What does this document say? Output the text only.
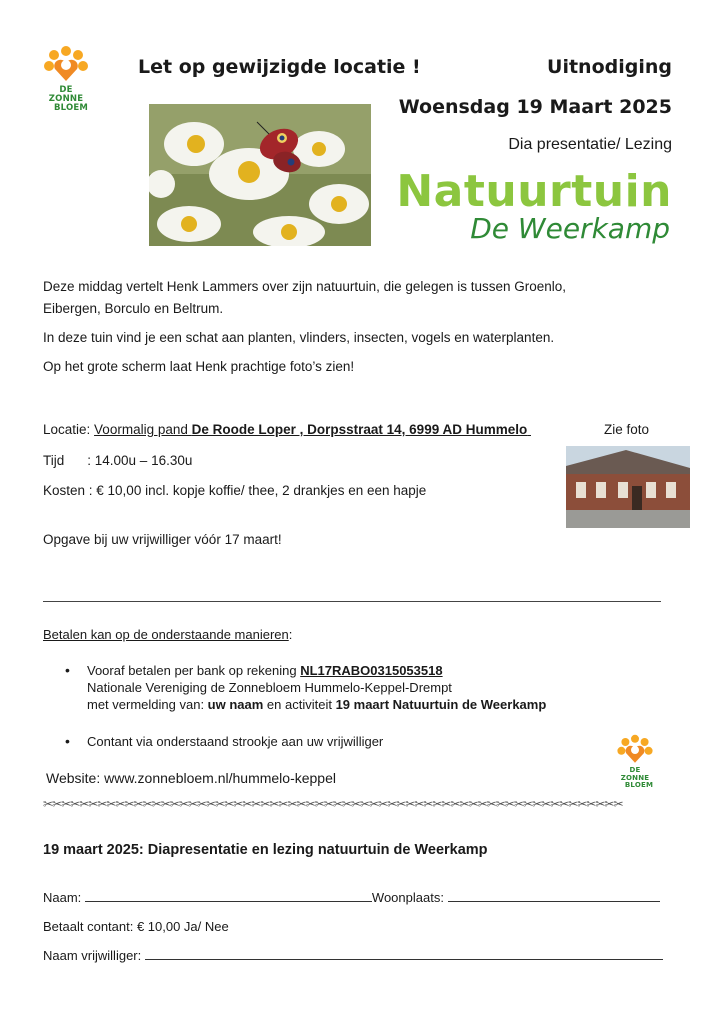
DE
ZONNE
BLOEM
Let op gewijzigde locatie !	Uitnodiging
Woensdag 19 Maart 2025
Dia presentatie/ Lezing
Natuurtuin
De Weerkamp
Deze middag vertelt Henk Lammers over zijn natuurtuin, die gelegen is tussen Groenlo,
Eibergen, Borculo en Beltrum.
In deze tuin vind je een schat aan planten, vlinders, insecten, vogels en waterplanten.
Op het grote scherm laat Henk prachtige foto’s zien!
Locatie: Voormalig pand De Roode Loper , Dorpsstraat 14, 6999 AD Hummelo	Zie foto
Tijd : 14.00u – 16.30u
Kosten : € 10,00 incl. kopje koffie/ thee, 2 drankjes en een hapje
Opgave bij uw vrijwilliger vóór 17 maart!
Betalen kan op de onderstaande manieren:
• Vooraf betalen per bank op rekening NL17RABO0315053518
Nationale Vereniging de Zonnebloem Hummelo-Keppel-Drempt
met vermelding van: uw naam en activiteit 19 maart Natuurtuin de Weerkamp
• Contant via onderstaand strookje aan uw vrijwilliger
DE
ZONNE
BLOEM
Website: www.zonnebloem.nl/hummelo-keppel
✂✂✂✂✂✂✂✂✂✂✂✂✂✂✂✂✂✂✂✂✂✂✂✂✂✂✂✂✂✂✂✂✂✂✂✂✂✂✂✂✂✂✂✂✂✂✂✂✂✂✂✂✂✂✂✂✂✂✂✂✂✂✂✂
19 maart 2025: Diapresentatie en lezing natuurtuin de Weerkamp
Naam:	Woonplaats:
Betaalt contant: € 10,00 Ja/ Nee
Naam vrijwilliger:
